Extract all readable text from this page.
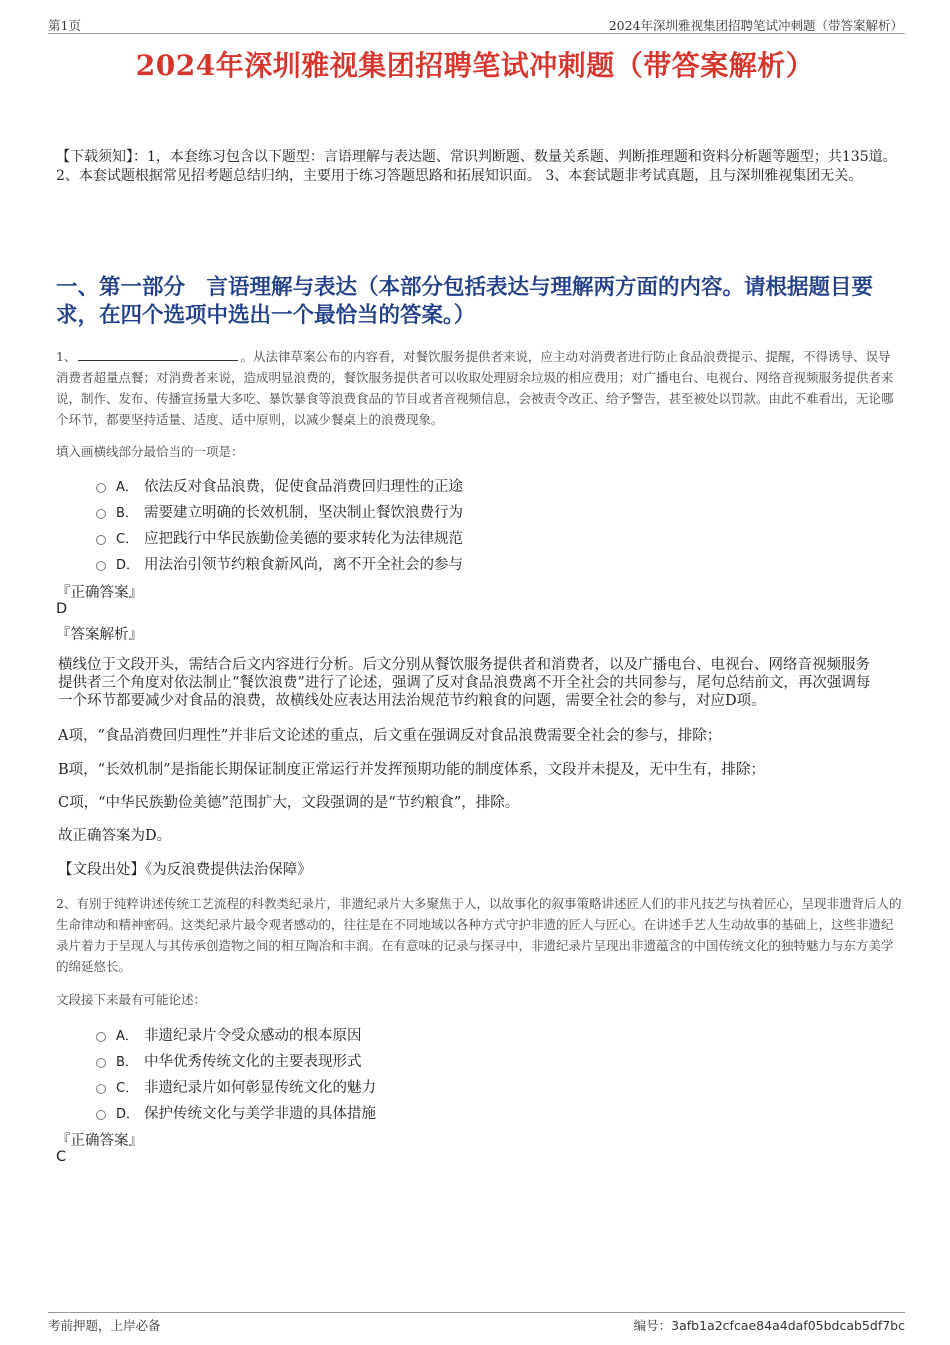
第1页	2024年深圳雅视集团招聘笔试冲刺题（带答案解析）
2024年深圳雅视集团招聘笔试冲刺题（带答案解析）

【下载须知】：1，本套练习包含以下题型：言语理解与表达题、常识判断题、数量关系题、判断推理题和资料分析题等题型；共135道。 2、本套试题根据常见招考题总结归纳，主要用于练习答题思路和拓展知识面。 3、本套试题非考试真题，且与深圳雅视集团无关。

一、第一部分　言语理解与表达（本部分包括表达与理解两方面的内容。请根据题目要求，在四个选项中选出一个最恰当的答案。）

1、	。从法律草案公布的内容看，对餐饮服务提供者来说，应主动对消费者进行防止食品浪费提示、提醒，不得诱导、误导消费者超量点餐；对消费者来说，造成明显浪费的，餐饮服务提供者可以收取处理厨余垃圾的相应费用；对广播电台、电视台、网络音视频服务提供者来说，制作、发布、传播宣扬量大多吃、暴饮暴食等浪费食品的节目或者音视频信息，会被责令改正、给予警告，甚至被处以罚款。由此不难看出，无论哪个环节，都要坚持适量、适度、适中原则，以减少餐桌上的浪费现象。

填入画横线部分最恰当的一项是：

A． 依法反对食品浪费，促使食品消费回归理性的正途
B． 需要建立明确的长效机制，坚决制止餐饮浪费行为
C． 应把践行中华民族勤俭美德的要求转化为法律规范
D． 用法治引领节约粮食新风尚，离不开全社会的参与

『正确答案』

D

『答案解析』

横线位于文段开头，需结合后文内容进行分析。后文分别从餐饮服务提供者和消费者，以及广播电台、电视台、网络音视频服务提供者三个角度对依法制止“餐饮浪费”进行了论述，强调了反对食品浪费离不开全社会的共同参与，尾句总结前文，再次强调每一个环节都要减少对食品的浪费，故横线处应表达用法治规范节约粮食的问题，需要全社会的参与，对应D项。

A项，“食品消费回归理性”并非后文论述的重点，后文重在强调反对食品浪费需要全社会的参与，排除；

B项，“长效机制”是指能长期保证制度正常运行并发挥预期功能的制度体系，文段并未提及，无中生有，排除；

C项，“中华民族勤俭美德”范围扩大，文段强调的是“节约粮食”，排除。

故正确答案为D。

【文段出处】《为反浪费提供法治保障》

2、有别于纯粹讲述传统工艺流程的科教类纪录片，非遗纪录片大多聚焦于人，以故事化的叙事策略讲述匠人们的非凡技艺与执着匠心，呈现非遗背后人的生命律动和精神密码。这类纪录片最令观者感动的，往往是在不同地域以各种方式守护非遗的匠人与匠心。在讲述手艺人生动故事的基础上，这些非遗纪录片着力于呈现人与其传承创造物之间的相互陶冶和丰润。在有意味的记录与探寻中，非遗纪录片呈现出非遗蕴含的中国传统文化的独特魅力与东方美学的绵延悠长。

文段接下来最有可能论述：

A． 非遗纪录片令受众感动的根本原因
B． 中华优秀传统文化的主要表现形式
C． 非遗纪录片如何彰显传统文化的魅力
D． 保护传统文化与美学非遗的具体措施

『正确答案』

C

考前押题，上岸必备	编号：3afb1a2cfcae84a4daf05bdcab5df7bc
